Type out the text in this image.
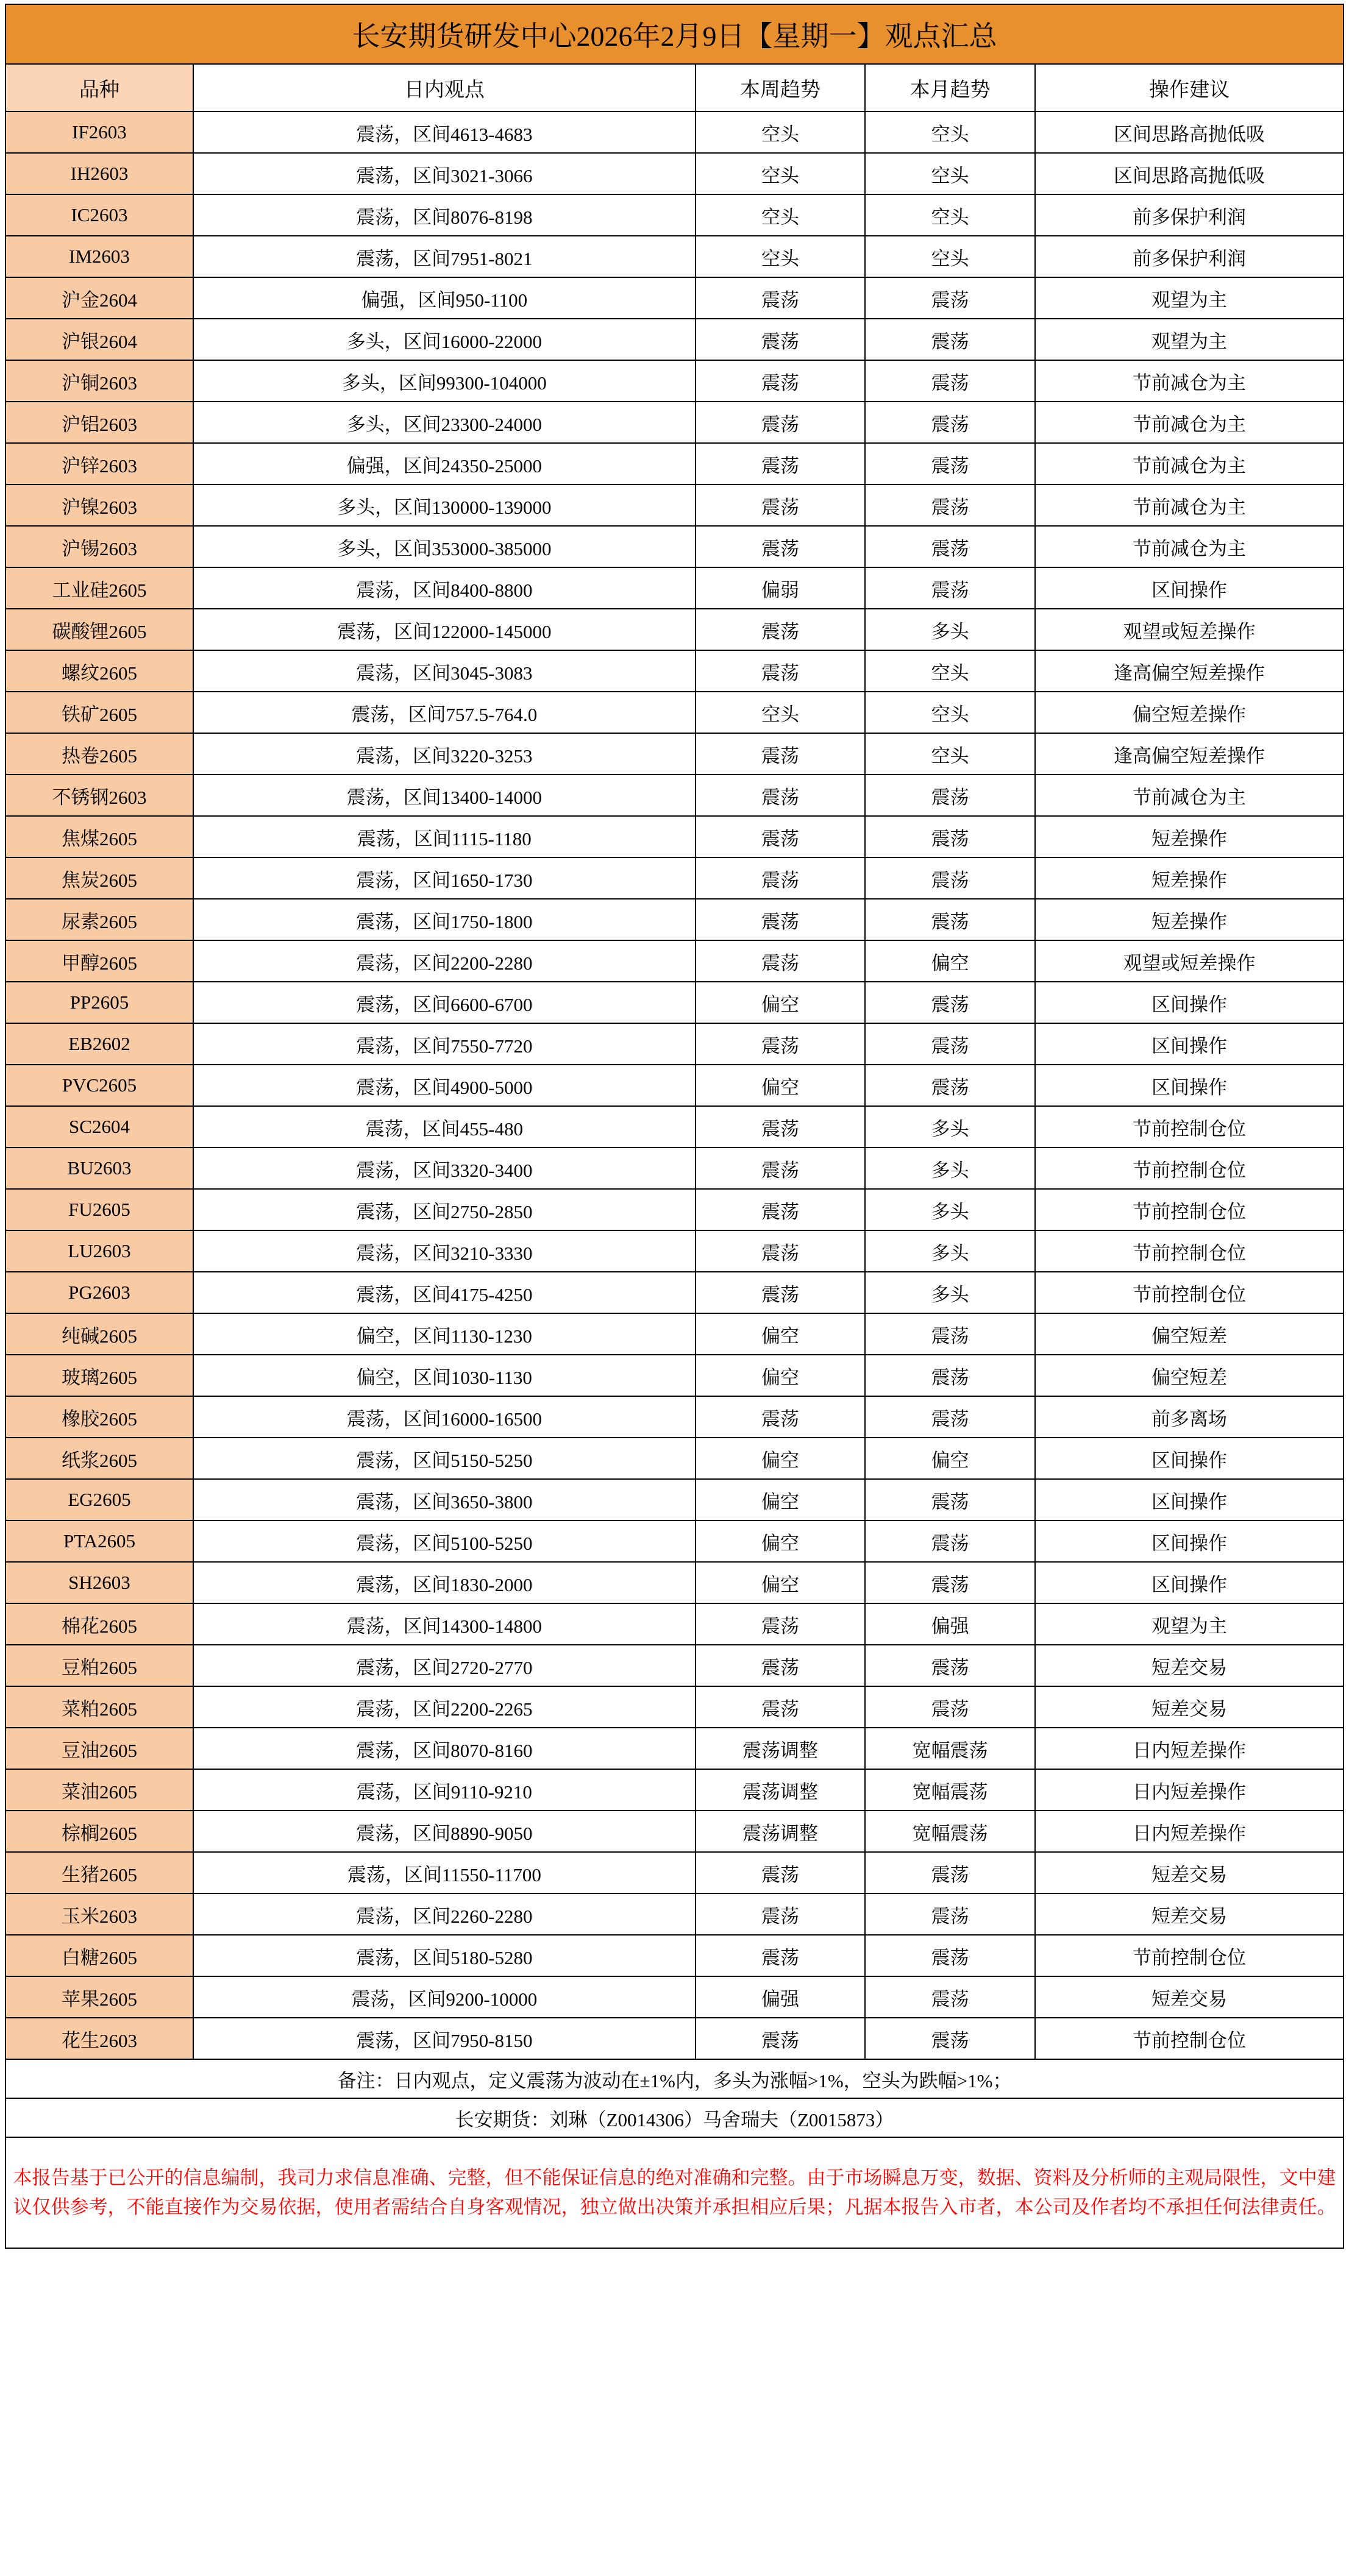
长安期货研发中心2026年2月9日【星期一】观点汇总				
品种	日内观点	本周趋势	本月趋势	操作建议
IF2603	震荡，区间4613-4683	空头	空头	区间思路高抛低吸
IH2603	震荡，区间3021-3066	空头	空头	区间思路高抛低吸
IC2603	震荡，区间8076-8198	空头	空头	前多保护利润
IM2603	震荡，区间7951-8021	空头	空头	前多保护利润
沪金2604	偏强，区间950-1100	震荡	震荡	观望为主
沪银2604	多头，区间16000-22000	震荡	震荡	观望为主
沪铜2603	多头，区间99300-104000	震荡	震荡	节前减仓为主
沪铝2603	多头，区间23300-24000	震荡	震荡	节前减仓为主
沪锌2603	偏强，区间24350-25000	震荡	震荡	节前减仓为主
沪镍2603	多头，区间130000-139000	震荡	震荡	节前减仓为主
沪锡2603	多头，区间353000-385000	震荡	震荡	节前减仓为主
工业硅2605	震荡，区间8400-8800	偏弱	震荡	区间操作
碳酸锂2605	震荡，区间122000-145000	震荡	多头	观望或短差操作
螺纹2605	震荡，区间3045-3083	震荡	空头	逢高偏空短差操作
铁矿2605	震荡，区间757.5-764.0	空头	空头	偏空短差操作
热卷2605	震荡，区间3220-3253	震荡	空头	逢高偏空短差操作
不锈钢2603	震荡，区间13400-14000	震荡	震荡	节前减仓为主
焦煤2605	震荡，区间1115-1180	震荡	震荡	短差操作
焦炭2605	震荡，区间1650-1730	震荡	震荡	短差操作
尿素2605	震荡，区间1750-1800	震荡	震荡	短差操作
甲醇2605	震荡，区间2200-2280	震荡	偏空	观望或短差操作
PP2605	震荡，区间6600-6700	偏空	震荡	区间操作
EB2602	震荡，区间7550-7720	震荡	震荡	区间操作
PVC2605	震荡，区间4900-5000	偏空	震荡	区间操作
SC2604	震荡，区间455-480	震荡	多头	节前控制仓位
BU2603	震荡，区间3320-3400	震荡	多头	节前控制仓位
FU2605	震荡，区间2750-2850	震荡	多头	节前控制仓位
LU2603	震荡，区间3210-3330	震荡	多头	节前控制仓位
PG2603	震荡，区间4175-4250	震荡	多头	节前控制仓位
纯碱2605	偏空，区间1130-1230	偏空	震荡	偏空短差
玻璃2605	偏空，区间1030-1130	偏空	震荡	偏空短差
橡胶2605	震荡，区间16000-16500	震荡	震荡	前多离场
纸浆2605	震荡，区间5150-5250	偏空	偏空	区间操作
EG2605	震荡，区间3650-3800	偏空	震荡	区间操作
PTA2605	震荡，区间5100-5250	偏空	震荡	区间操作
SH2603	震荡，区间1830-2000	偏空	震荡	区间操作
棉花2605	震荡，区间14300-14800	震荡	偏强	观望为主
豆粕2605	震荡，区间2720-2770	震荡	震荡	短差交易
菜粕2605	震荡，区间2200-2265	震荡	震荡	短差交易
豆油2605	震荡，区间8070-8160	震荡调整	宽幅震荡	日内短差操作
菜油2605	震荡，区间9110-9210	震荡调整	宽幅震荡	日内短差操作
棕榈2605	震荡，区间8890-9050	震荡调整	宽幅震荡	日内短差操作
生猪2605	震荡，区间11550-11700	震荡	震荡	短差交易
玉米2603	震荡，区间2260-2280	震荡	震荡	短差交易
白糖2605	震荡，区间5180-5280	震荡	震荡	节前控制仓位
苹果2605	震荡，区间9200-10000	偏强	震荡	短差交易
花生2603	震荡，区间7950-8150	震荡	震荡	节前控制仓位
备注：日内观点，定义震荡为波动在±1%内，多头为涨幅>1%，空头为跌幅>1%；				
长安期货：刘琳（Z0014306）马舍瑞夫（Z0015873）				
本报告基于已公开的信息编制，我司力求信息准确、完整，但不能保证信息的绝对准确和完整。由于市场瞬息万变，数据、资料及分析师的主观局限性，文中建议仅供参考，不能直接作为交易依据，使用者需结合自身客观情况，独立做出决策并承担相应后果；凡据本报告入市者，本公司及作者均不承担任何法律责任。				
